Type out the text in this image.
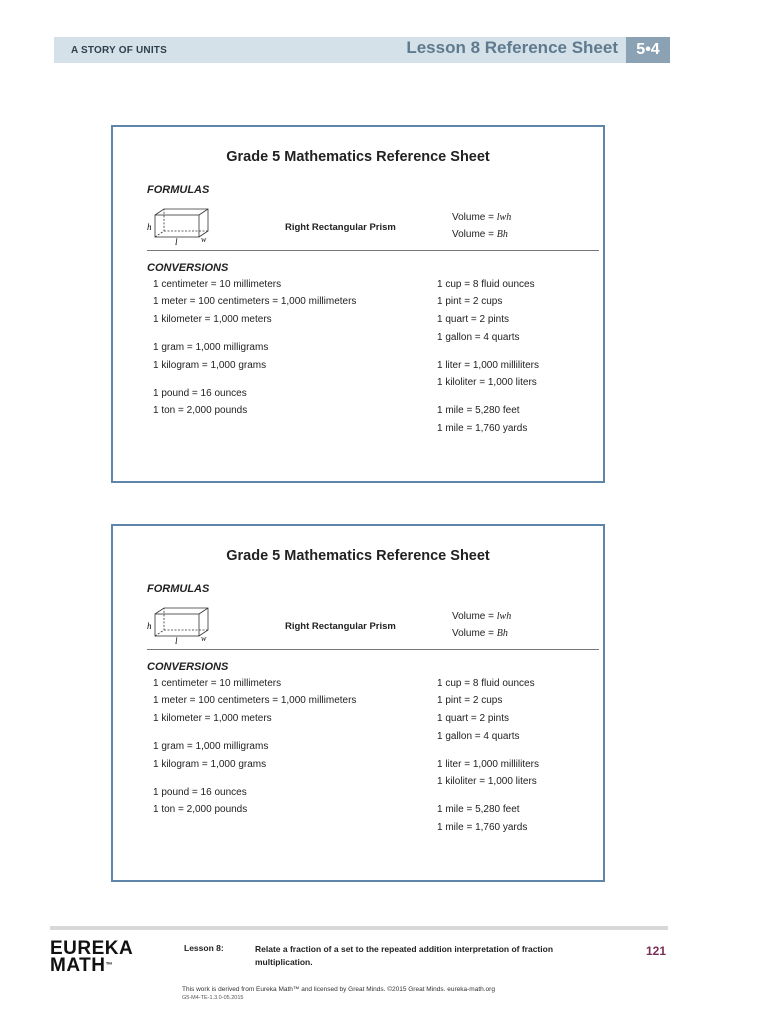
A STORY OF UNITS	Lesson 8 Reference Sheet	5•4
Grade 5 Mathematics Reference Sheet
FORMULAS
h
l	w
Right Rectangular Prism
Volume = lwh
Volume = Bh
CONVERSIONS
1 centimeter = 10 millimeters
1 meter = 100 centimeters = 1,000 millimeters
1 kilometer = 1,000 meters
1 gram = 1,000 milligrams
1 kilogram = 1,000 grams
1 pound = 16 ounces
1 ton = 2,000 pounds
1 cup = 8 fluid ounces
1 pint = 2 cups
1 quart = 2 pints
1 gallon = 4 quarts
1 liter = 1,000 milliliters
1 kiloliter = 1,000 liters
1 mile = 5,280 feet
1 mile = 1,760 yards
Grade 5 Mathematics Reference Sheet
FORMULAS
h
l	w
Right Rectangular Prism
Volume = lwh
Volume = Bh
CONVERSIONS
1 centimeter = 10 millimeters
1 meter = 100 centimeters = 1,000 millimeters
1 kilometer = 1,000 meters
1 gram = 1,000 milligrams
1 kilogram = 1,000 grams
1 pound = 16 ounces
1 ton = 2,000 pounds
1 cup = 8 fluid ounces
1 pint = 2 cups
1 quart = 2 pints
1 gallon = 4 quarts
1 liter = 1,000 milliliters
1 kiloliter = 1,000 liters
1 mile = 5,280 feet
1 mile = 1,760 yards
EUREKA
MATH™
Lesson 8:	Relate a fraction of a set to the repeated addition interpretation of fraction multiplication.
121
This work is derived from Eureka Math™ and licensed by Great Minds. ©2015 Great Minds. eureka-math.org
G5-M4-TE-1.3.0-05.2015
